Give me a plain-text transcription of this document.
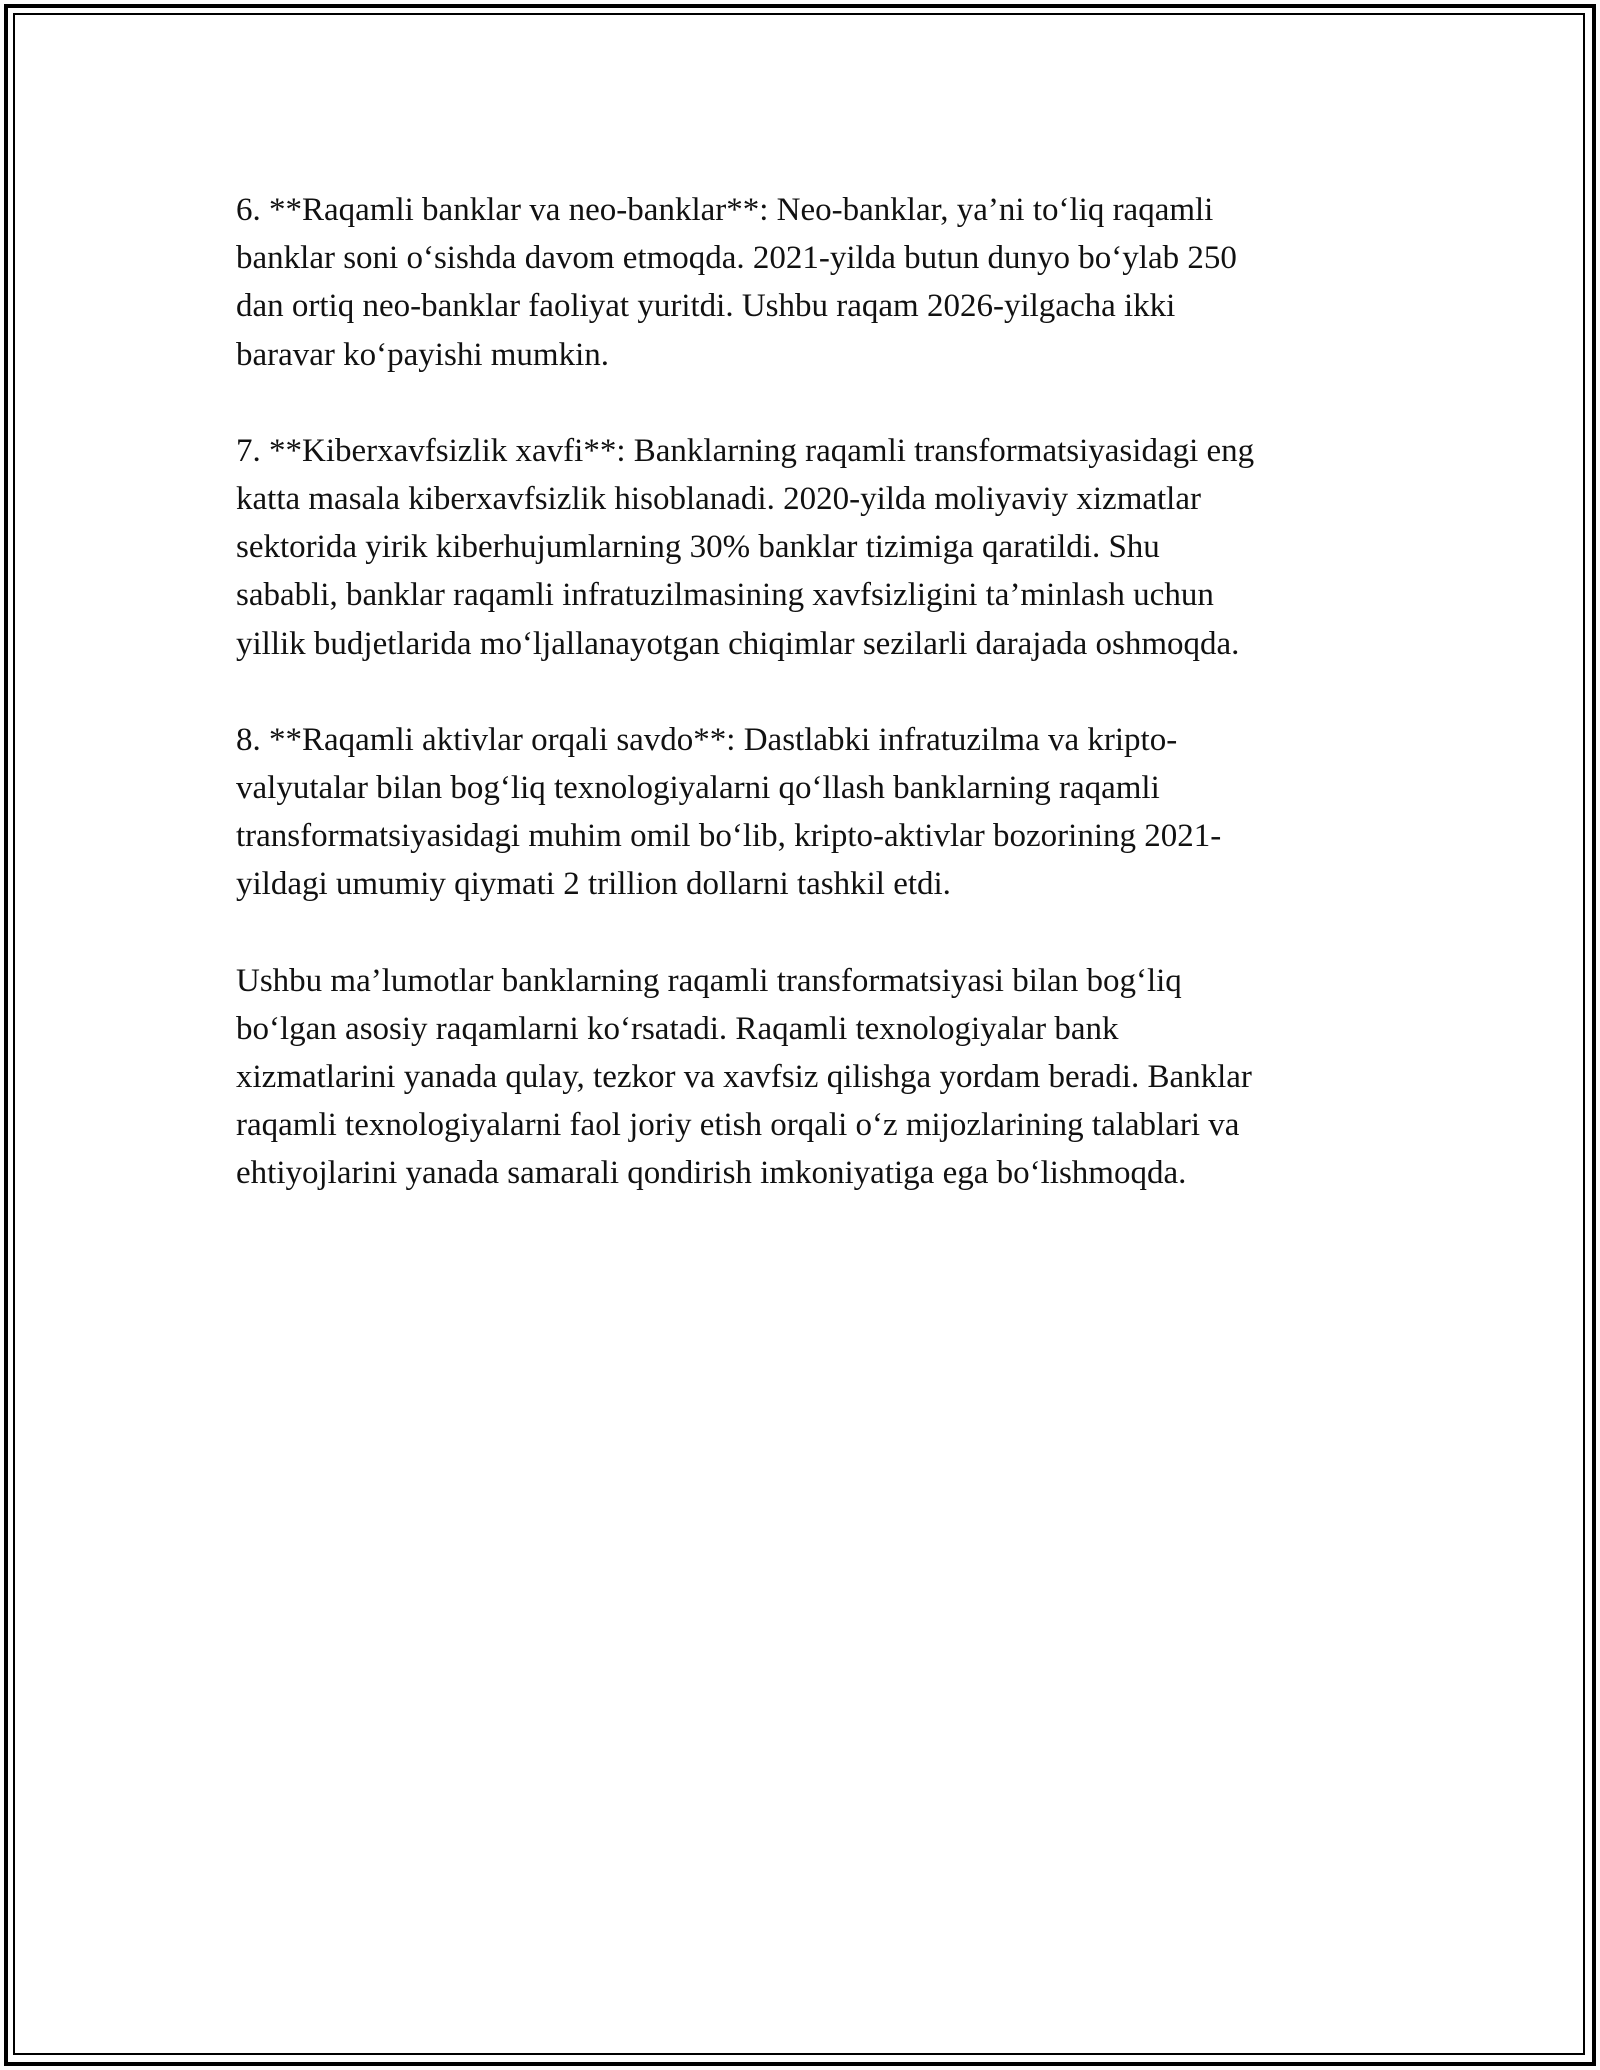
6. **Raqamli banklar va neo-banklar**: Neo-banklar, ya’ni to‘liq raqamli
banklar soni o‘sishda davom etmoqda. 2021-yilda butun dunyo bo‘ylab 250
dan ortiq neo-banklar faoliyat yuritdi. Ushbu raqam 2026-yilgacha ikki
baravar ko‘payishi mumkin.

7. **Kiberxavfsizlik xavfi**: Banklarning raqamli transformatsiyasidagi eng
katta masala kiberxavfsizlik hisoblanadi. 2020-yilda moliyaviy xizmatlar
sektorida yirik kiberhujumlarning 30% banklar tizimiga qaratildi. Shu
sababli, banklar raqamli infratuzilmasining xavfsizligini ta’minlash uchun
yillik budjetlarida mo‘ljallanayotgan chiqimlar sezilarli darajada oshmoqda.

8. **Raqamli aktivlar orqali savdo**: Dastlabki infratuzilma va kripto-
valyutalar bilan bog‘liq texnologiyalarni qo‘llash banklarning raqamli
transformatsiyasidagi muhim omil bo‘lib, kripto-aktivlar bozorining 2021-
yildagi umumiy qiymati 2 trillion dollarni tashkil etdi.

Ushbu ma’lumotlar banklarning raqamli transformatsiyasi bilan bog‘liq
bo‘lgan asosiy raqamlarni ko‘rsatadi. Raqamli texnologiyalar bank
xizmatlarini yanada qulay, tezkor va xavfsiz qilishga yordam beradi. Banklar
raqamli texnologiyalarni faol joriy etish orqali o‘z mijozlarining talablari va
ehtiyojlarini yanada samarali qondirish imkoniyatiga ega bo‘lishmoqda.
